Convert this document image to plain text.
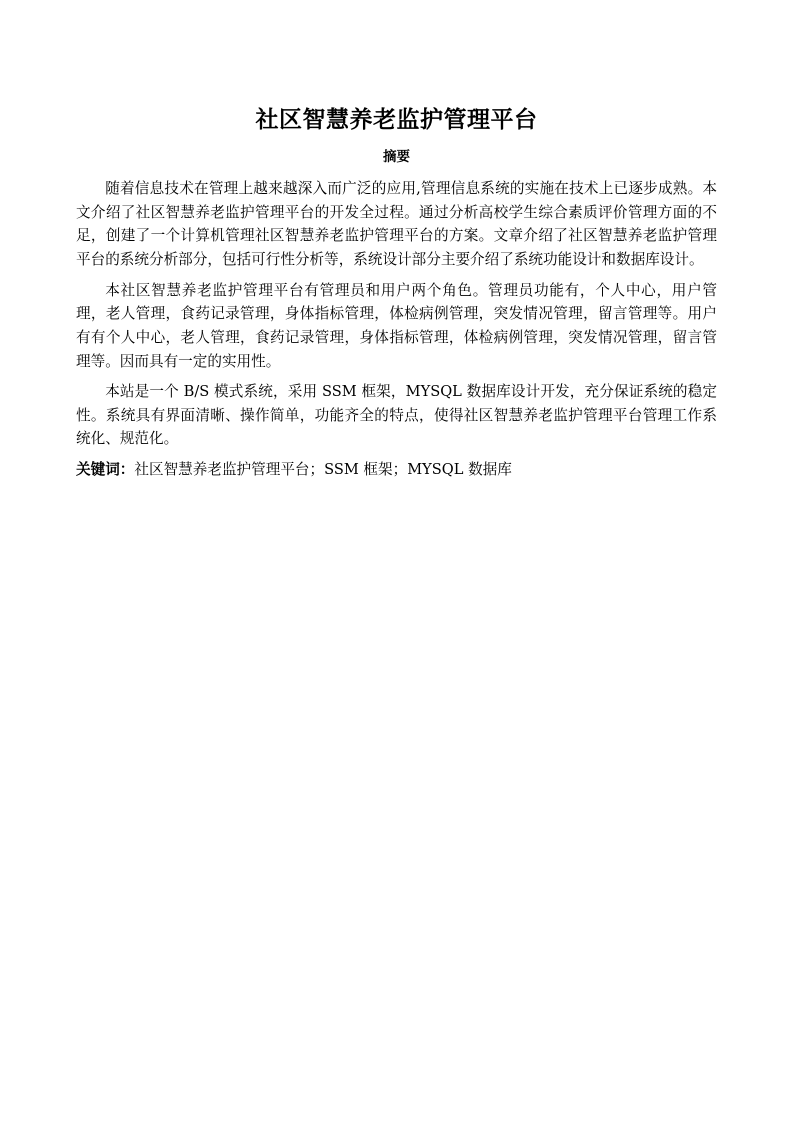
社区智慧养老监护管理平台
摘要

随着信息技术在管理上越来越深入而广泛的应用,管理信息系统的实施在技术上已逐步成熟。本文介绍了社区智慧养老监护管理平台的开发全过程。通过分析高校学生综合素质评价管理方面的不足，创建了一个计算机管理社区智慧养老监护管理平台的方案。文章介绍了社区智慧养老监护管理平台的系统分析部分，包括可行性分析等，系统设计部分主要介绍了系统功能设计和数据库设计。

本社区智慧养老监护管理平台有管理员和用户两个角色。管理员功能有，个人中心，用户管理，老人管理，食药记录管理，身体指标管理，体检病例管理，突发情况管理，留言管理等。用户有有个人中心，老人管理，食药记录管理，身体指标管理，体检病例管理，突发情况管理，留言管理等。因而具有一定的实用性。

本站是一个 B/S 模式系统，采用 SSM 框架，MYSQL 数据库设计开发，充分保证系统的稳定性。系统具有界面清晰、操作简单，功能齐全的特点，使得社区智慧养老监护管理平台管理工作系统化、规范化。

关键词：社区智慧养老监护管理平台；SSM 框架；MYSQL 数据库
